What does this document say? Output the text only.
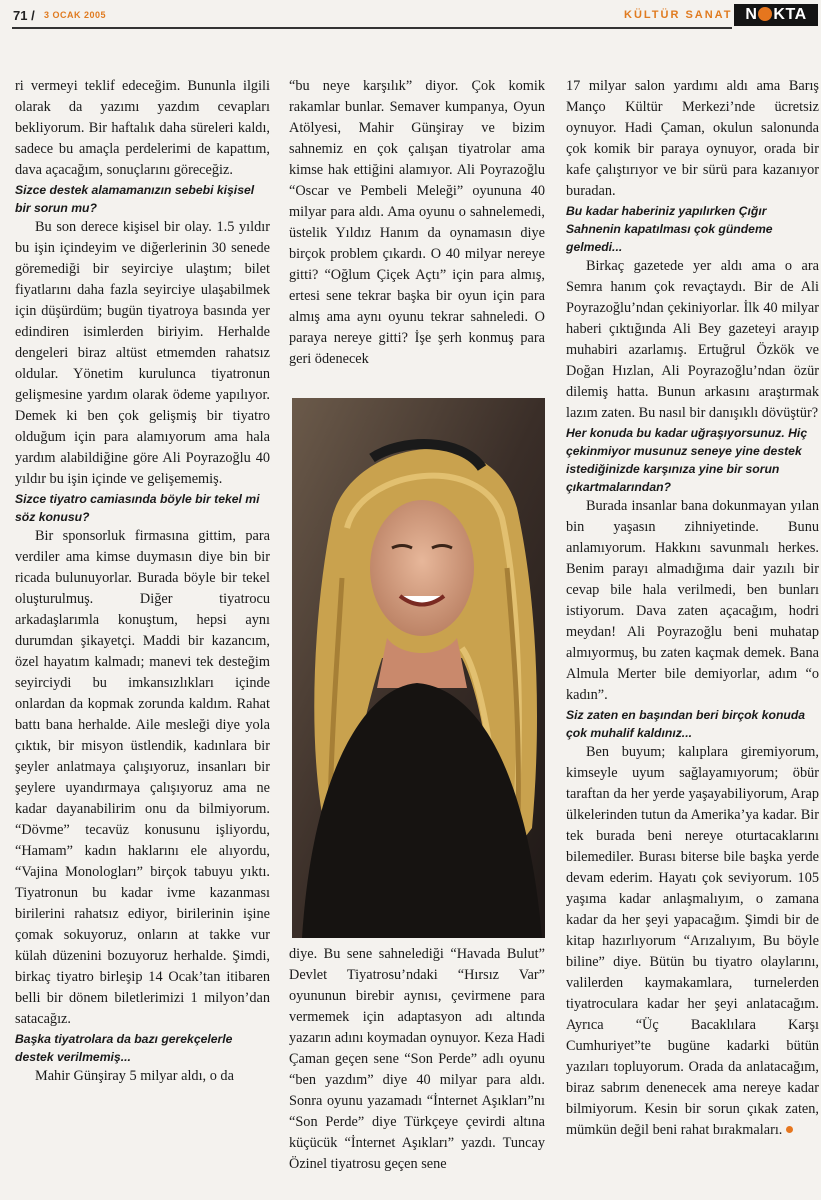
71 / 3 OCAK 2005	KÜLTÜR SANAT N KTA

ri vermeyi teklif edeceğim. Bununla ilgili olarak da yazımı yazdım cevapları bekliyorum. Bir haftalık daha süreleri kaldı, sadece bu amaçla perdelerimi de kapattım, dava açacağım, sonuçlarını göreceğiz.

Sizce destek alamamanızın sebebi kişisel bir sorun mu?

Bu son derece kişisel bir olay. 1.5 yıldır bu işin içindeyim ve diğerlerinin 30 senede göremediği bir seyirciye ulaştım; bilet fiyatlarını daha fazla seyirciye ulaşabilmek için düşürdüm; bugün tiyatroya basında yer edindiren isimlerden biriyim. Herhalde dengeleri biraz altüst etmemden rahatsız oldular. Yönetim kurulunca tiyatronun gelişmesine yardım olarak ödeme yapılıyor. Demek ki ben çok gelişmiş bir tiyatro olduğum için para alamıyorum ama hala yardım alabildiğine göre Ali Poyrazoğlu 40 yıldır bu işin içinde ve gelişememiş.

Sizce tiyatro camiasında böyle bir tekel mi söz konusu?

Bir sponsorluk firmasına gittim, para verdiler ama kimse duymasın diye bin bir ricada bulunuyorlar. Burada böyle bir tekel oluşturulmuş. Diğer tiyatrocu arkadaşlarımla konuştum, hepsi aynı durumdan şikayetçi. Maddi bir kazancım, özel hayatım kalmadı; manevi tek desteğim seyirciydi bu imkansızlıkları içinde onlardan da kopmak zorunda kaldım. Rahat battı bana herhalde. Aile mesleği diye yola çıktık, bir misyon üstlendik, kadınlara bir şeyler anlatmaya çalışıyoruz, insanları bir şeylere uyandırmaya çalışıyoruz ama ne kadar dayanabilirim onu da bilmiyorum. “Dövme” tecavüz konusunu işliyordu, “Hamam” kadın haklarını ele alıyordu, “Vajina Monologları” birçok tabuyu yıktı. Tiyatronun bu kadar ivme kazanması birilerini rahatsız ediyor, birilerinin işine çomak sokuyoruz, onların at takke vur külah düzenini bozuyoruz herhalde. Şimdi, birkaç tiyatro birleşip 14 Ocak’tan itibaren belli bir dönem biletlerimizi 1 milyon’dan satacağız.

Başka tiyatrolara da bazı gerekçelerle destek verilmemiş...

Mahir Günşiray 5 milyar aldı, o da

“bu neye karşılık” diyor. Çok komik rakamlar bunlar. Semaver kumpanya, Oyun Atölyesi, Mahir Günşiray ve bizim sahnemiz en çok çalışan tiyatrolar ama kimse hak ettiğini alamıyor. Ali Poyrazoğlu “Oscar ve Pembeli Meleği” oyununa 40 milyar para aldı. Ama oyunu o sahnelemedi, üstelik Yıldız Hanım da oynamasın diye birçok problem çıkardı. O 40 milyar nereye gitti? “Oğlum Çiçek Açtı” için para almış, ertesi sene tekrar başka bir oyun için para almış ama aynı oyunu tekrar sahneledi. O paraya nereye gitti? İşe şerh konmuş para geri ödenecek

diye. Bu sene sahnelediği “Havada Bulut” Devlet Tiyatrosu’ndaki “Hırsız Var” oyununun birebir aynısı, çevirmene para vermemek için adaptasyon adı altında yazarın adını koymadan oynuyor. Keza Hadi Çaman geçen sene “Son Perde” adlı oyunu “ben yazdım” diye 40 milyar para aldı. Sonra oyunu yazamadı “İnternet Aşıkları”nı “Son Perde” diye Türkçeye çevirdi altına küçücük “İnternet Aşıkları” yazdı. Tuncay Özinel tiyatrosu geçen sene

17 milyar salon yardımı aldı ama Barış Manço Kültür Merkezi’nde ücretsiz oynuyor. Hadi Çaman, okulun salonunda çok komik bir paraya oynuyor, orada bir kafe çalıştırıyor ve bir sürü para kazanıyor buradan.

Bu kadar haberiniz yapılırken Çığır Sahnenin kapatılması çok gündeme gelmedi...

Birkaç gazetede yer aldı ama o ara Semra hanım çok revaçtaydı. Bir de Ali Poyrazoğlu’ndan çekiniyorlar. İlk 40 milyar haberi çıktığında Ali Bey gazeteyi arayıp muhabiri azarlamış. Ertuğrul Özkök ve Doğan Hızlan, Ali Poyrazoğlu’ndan özür dilemiş hatta. Bunun arkasını araştırmak lazım zaten. Bu nasıl bir danışıklı dövüştür?

Her konuda bu kadar uğraşıyorsunuz. Hiç çekinmiyor musunuz seneye yine destek istediğinizde karşınıza yine bir sorun çıkartmalarından?

Burada insanlar bana dokunmayan yılan bin yaşasın zihniyetinde. Bunu anlamıyorum. Hakkını savunmalı herkes. Benim parayı almadığıma dair yazılı bir cevap bile hala verilmedi, ben bunları istiyorum. Dava zaten açacağım, hodri meydan! Ali Poyrazoğlu beni muhatap almıyormuş, bu zaten kaçmak demek. Bana Almula Merter bile demiyorlar, adım “o kadın”.

Siz zaten en başından beri birçok konuda çok muhalif kaldınız...

Ben buyum; kalıplara giremiyorum, kimseyle uyum sağlayamıyorum; öbür taraftan da her yerde yaşayabiliyorum, Arap ülkelerinden tutun da Amerika’ya kadar. Bir tek burada beni nereye oturtacaklarını bilemediler. Burası biterse bile başka yerde devam ederim. Hayatı çok seviyorum. 105 yaşıma kadar anlaşmalıyım, o zamana kadar da her şeyi yapacağım. Şimdi bir de kitap hazırlıyorum “Arızalıyım, Bu böyle biline” diye. Bütün bu tiyatro olaylarını, valilerden kaymakamlara, turnelerden tiyatroculara kadar her şeyi anlatacağım. Ayrıca “Üç Bacaklılara Karşı Cumhuriyet”te bugüne kadarki bütün yazıları topluyorum. Orada da anlatacağım, biraz sabrım denenecek ama nereye kadar bilmiyorum. Kesin bir sorun çıkak zaten, mümkün değil beni rahat bırakmaları.
